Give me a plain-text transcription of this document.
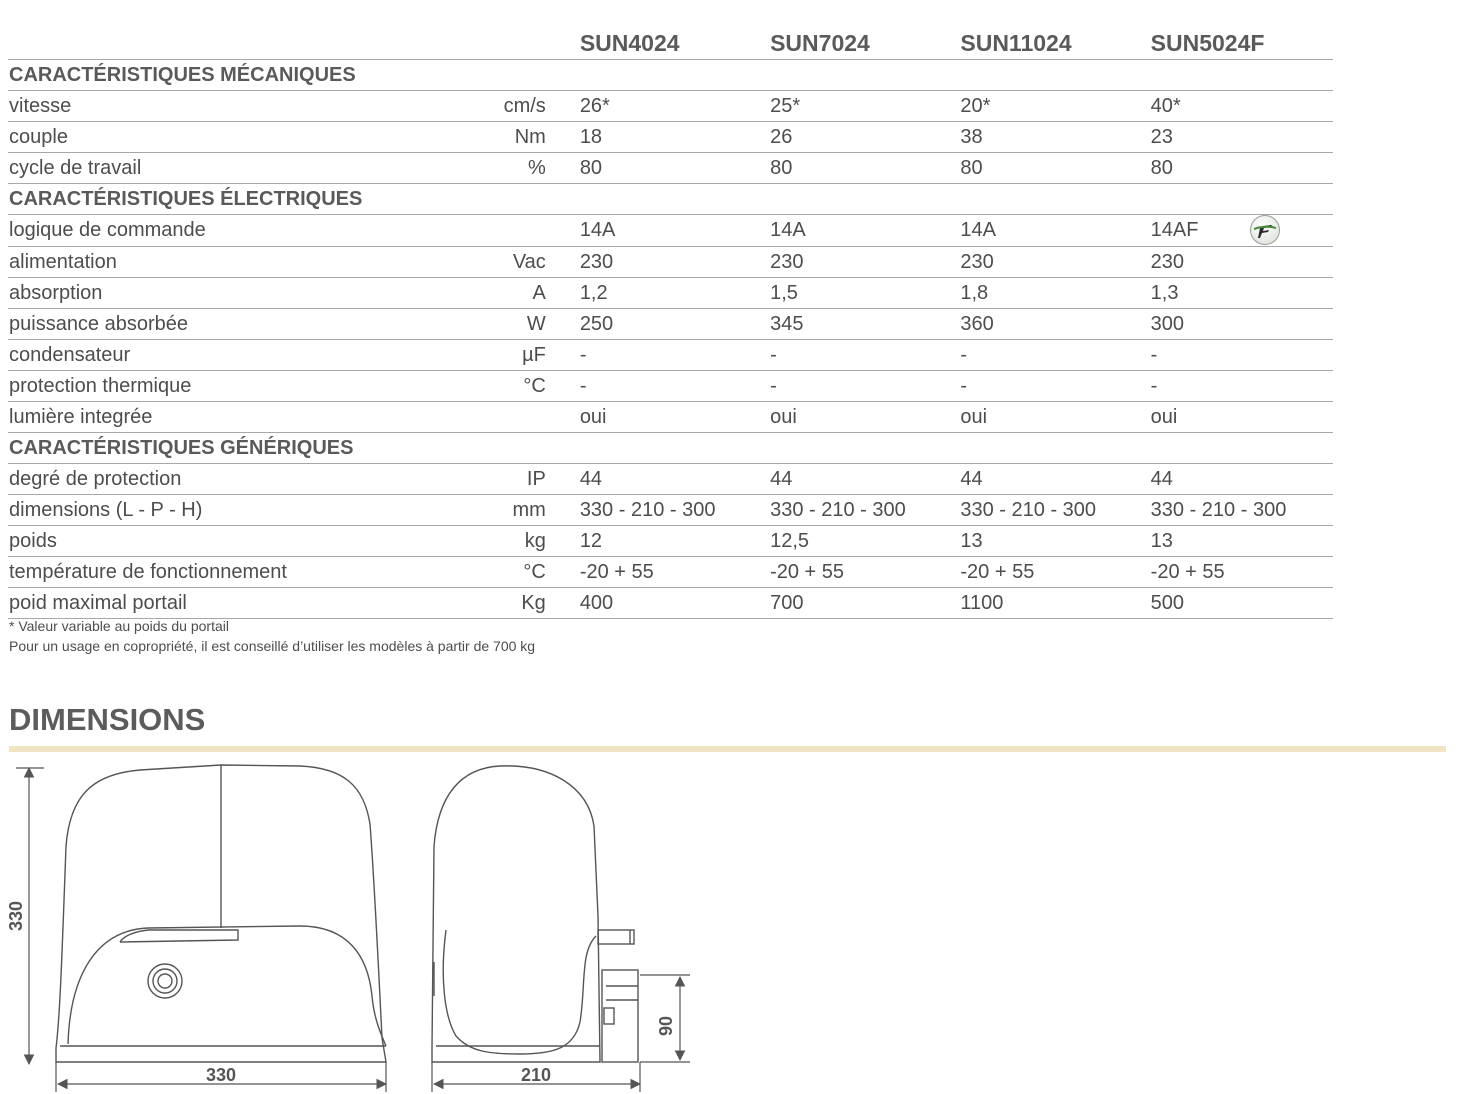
		SUN4024	SUN7024	SUN11024	SUN5024F
CARACTÉRISTIQUES MÉCANIQUES					
vitesse	cm/s	26*	25*	20*	40*
couple	Nm	18	26	38	23
cycle de travail	%	80	80	80	80
CARACTÉRISTIQUES ÉLECTRIQUES					
logique de commande		14A	14A	14A	14AF

alimentation	Vac	230	230	230	230
absorption	A	1,2	1,5	1,8	1,3
puissance absorbée	W	250	345	360	300
condensateur	µF	-	-	-	-
protection thermique	°C	-	-	-	-
lumière integrée		oui	oui	oui	oui
CARACTÉRISTIQUES GÉNÉRIQUES					
degré de protection	IP	44	44	44	44
dimensions (L - P - H)	mm	330 - 210 - 300	330 - 210 - 300	330 - 210 - 300	330 - 210 - 300
poids	kg	12	12,5	13	13
température de fonctionnement	°C	-20 + 55	-20 + 55	-20 + 55	-20 + 55
poid maximal portail	Kg	400	700	1100	500
* Valeur variable au poids du portail
Pour un usage en copropriété, il est conseillé d’utiliser les modèles à partir de 700 kg
DIMENSIONS
330
330	210
90
